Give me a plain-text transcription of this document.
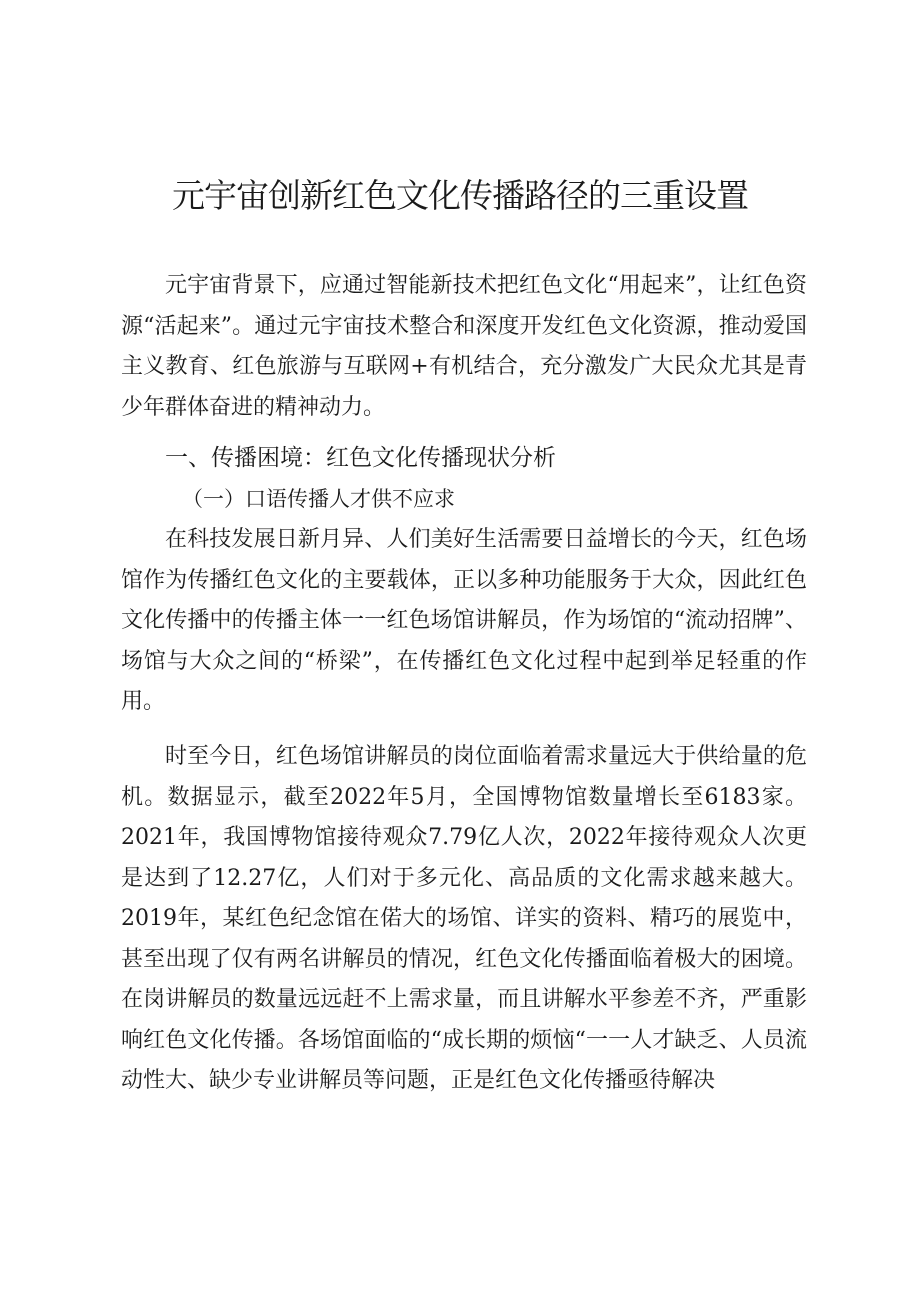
元宇宙创新红色文化传播路径的三重设置

元宇宙背景下，应通过智能新技术把红色文化“用起来”，让红色资源“活起来”。通过元宇宙技术整合和深度开发红色文化资源，推动爱国主义教育、红色旅游与互联网+有机结合，充分激发广大民众尤其是青少年群体奋进的精神动力。

一、传播困境：红色文化传播现状分析
（一）口语传播人才供不应求

在科技发展日新月异、人们美好生活需要日益增长的今天，红色场馆作为传播红色文化的主要载体，正以多种功能服务于大众，因此红色文化传播中的传播主体一一红色场馆讲解员，作为场馆的“流动招牌”、场馆与大众之间的“桥梁”，在传播红色文化过程中起到举足轻重的作用。

时至今日，红色场馆讲解员的岗位面临着需求量远大于供给量的危机。数据显示，截至2022年5月，全国博物馆数量增长至6183家。2021年，我国博物馆接待观众7.79亿人次，2022年接待观众人次更是达到了12.27亿，人们对于多元化、高品质的文化需求越来越大。2019年，某红色纪念馆在偌大的场馆、详实的资料、精巧的展览中，甚至出现了仅有两名讲解员的情况，红色文化传播面临着极大的困境。在岗讲解员的数量远远赶不上需求量，而且讲解水平参差不齐，严重影响红色文化传播。各场馆面临的“成长期的烦恼“一一人才缺乏、人员流动性大、缺少专业讲解员等问题，正是红色文化传播亟待解决
